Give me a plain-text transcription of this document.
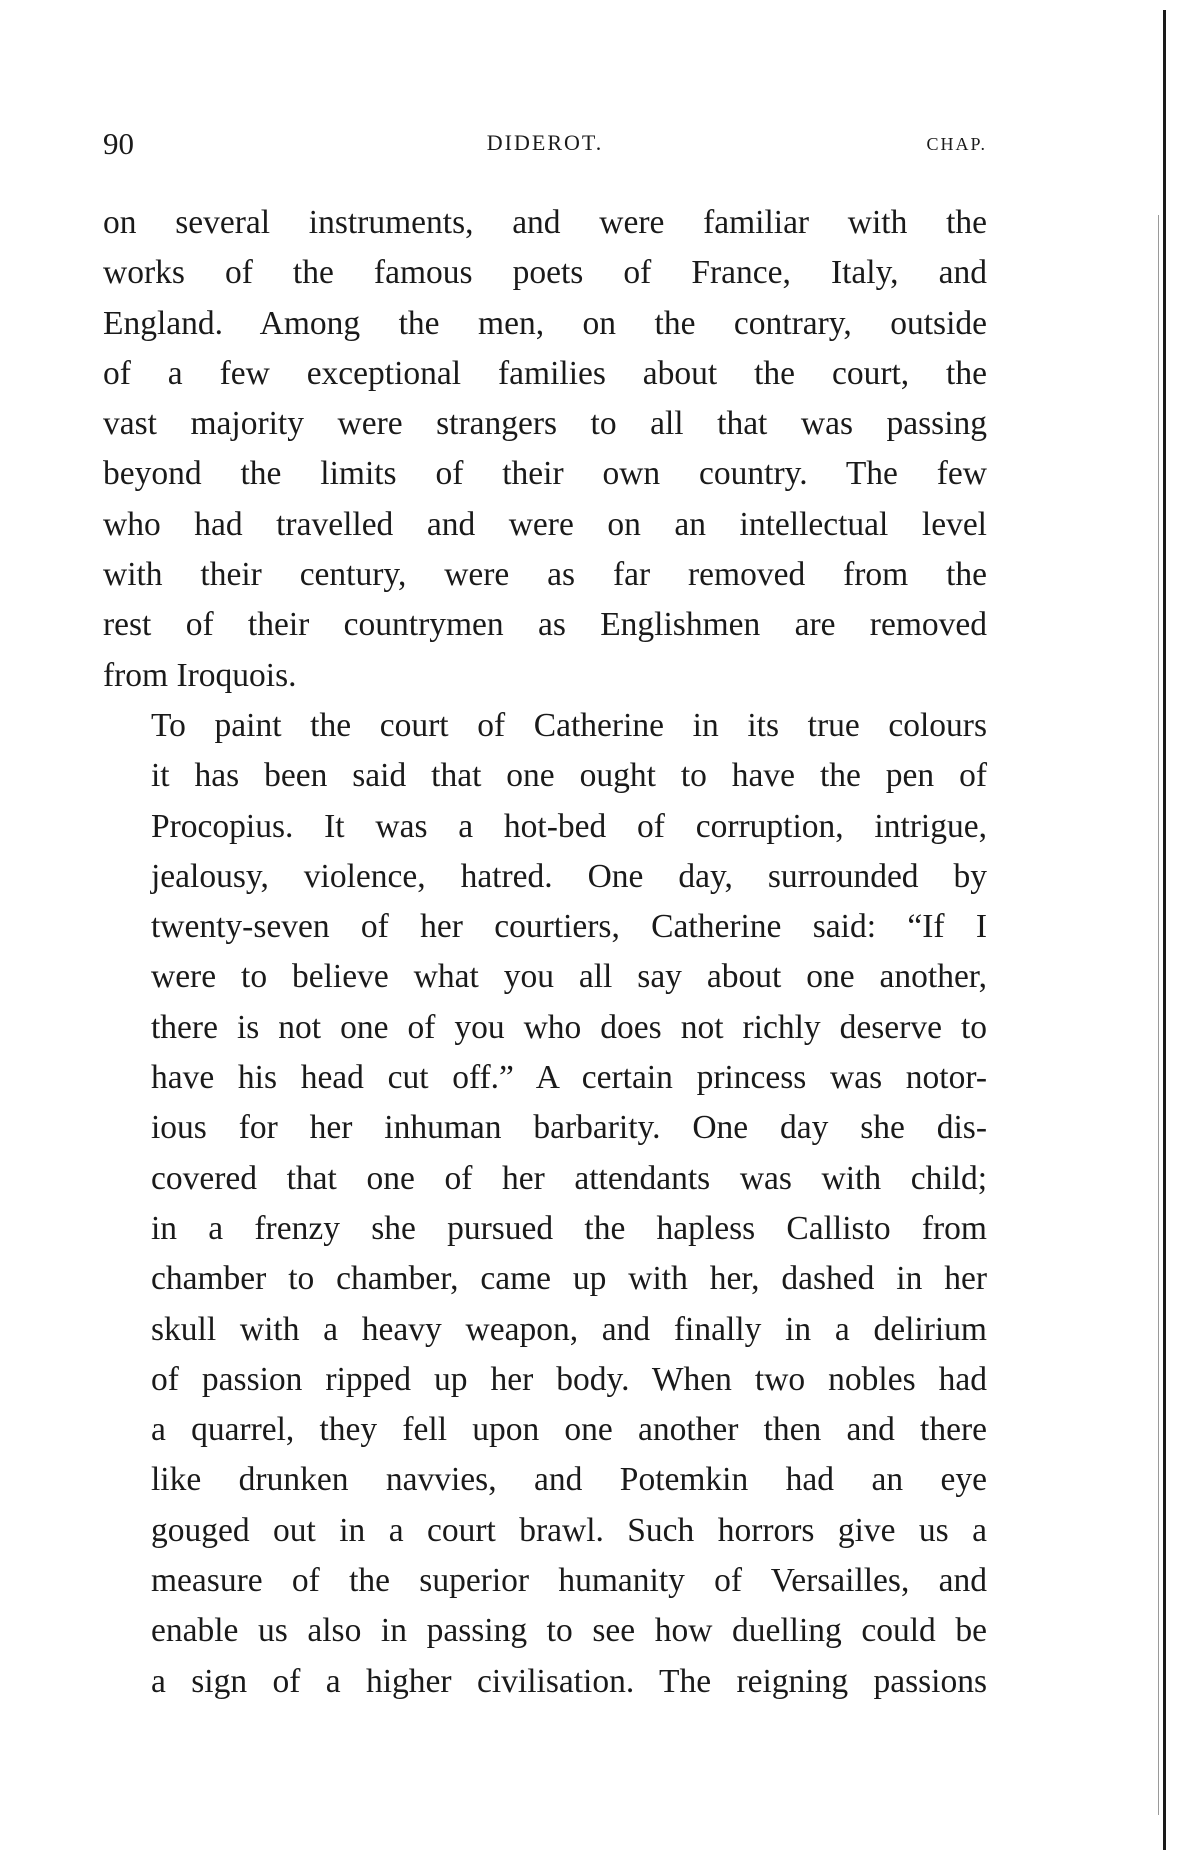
90	DIDEROT.	CHAP.

on several instruments, and were familiar with the
works of the famous poets of France, Italy, and
England. Among the men, on the contrary, outside
of a few exceptional families about the court, the
vast majority were strangers to all that was passing
beyond the limits of their own country. The few
who had travelled and were on an intellectual level
with their century, were as far removed from the
rest of their countrymen as Englishmen are removed
from Iroquois.

To paint the court of Catherine in its true colours
it has been said that one ought to have the pen of
Procopius. It was a hot-bed of corruption, intrigue,
jealousy, violence, hatred. One day, surrounded by
twenty-seven of her courtiers, Catherine said: “If I
were to believe what you all say about one another,
there is not one of you who does not richly deserve to
have his head cut off.” A certain princess was notor-
ious for her inhuman barbarity. One day she dis-
covered that one of her attendants was with child;
in a frenzy she pursued the hapless Callisto from
chamber to chamber, came up with her, dashed in her
skull with a heavy weapon, and finally in a delirium
of passion ripped up her body. When two nobles had
a quarrel, they fell upon one another then and there
like drunken navvies, and Potemkin had an eye
gouged out in a court brawl. Such horrors give us a
measure of the superior humanity of Versailles, and
enable us also in passing to see how duelling could be
a sign of a higher civilisation. The reigning passions
